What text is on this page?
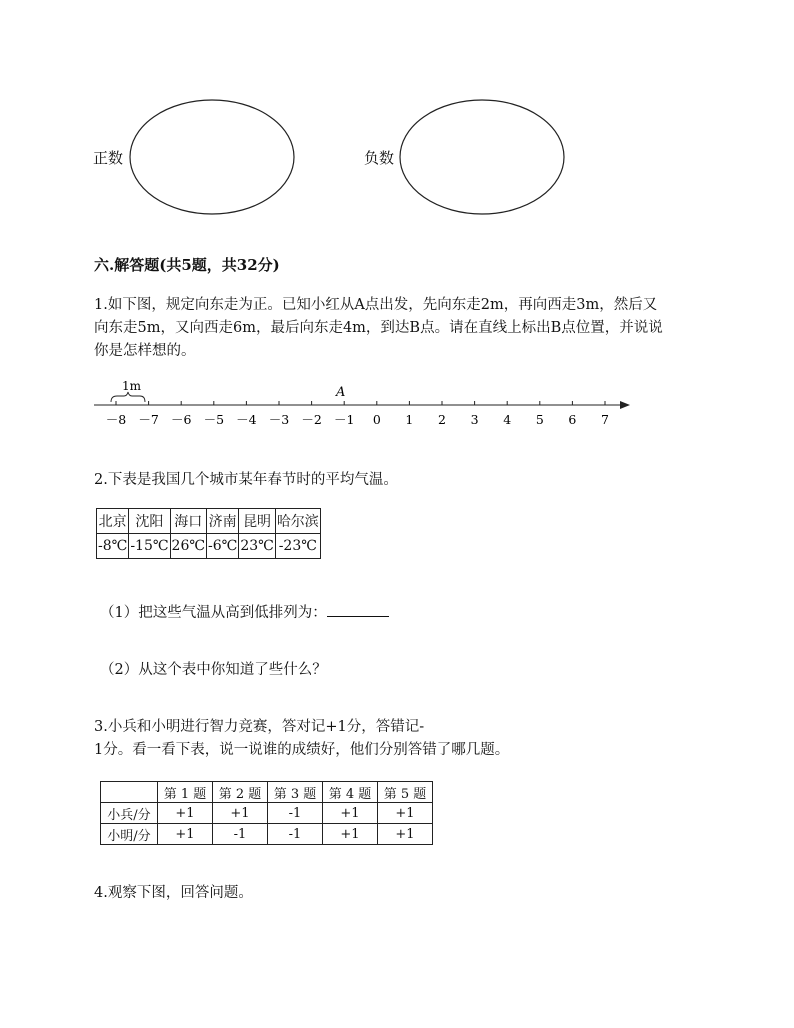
正数	负数
六.解答题(共5题，共32分)
1.如下图，规定向东走为正。已知小红从A点出发，先向东走2m，再向西走3m，然后又
向东走5m，又向西走6m，最后向东走4m，到达B点。请在直线上标出B点位置，并说说
你是怎样想的。
1m	A
－8 －7 －6 －5 －4 －3 －2 －1 0 1 2 3 4 5 6 7
2.下表是我国几个城市某年春节时的平均气温。
北京	沈阳	海口	济南	昆明	哈尔滨
-8℃	-15℃	26℃	-6℃	23℃	-23℃
（1）把这些气温从高到低排列为：
（2）从这个表中你知道了些什么？
3.小兵和小明进行智力竞赛，答对记+1分，答错记-
1分。看一看下表，说一说谁的成绩好，他们分别答错了哪几题。
	第 1 题	第 2 题	第 3 题	第 4 题	第 5 题
小兵/分	+1	+1	-1	+1	+1
小明/分	+1	-1	-1	+1	+1
4.观察下图，回答问题。
